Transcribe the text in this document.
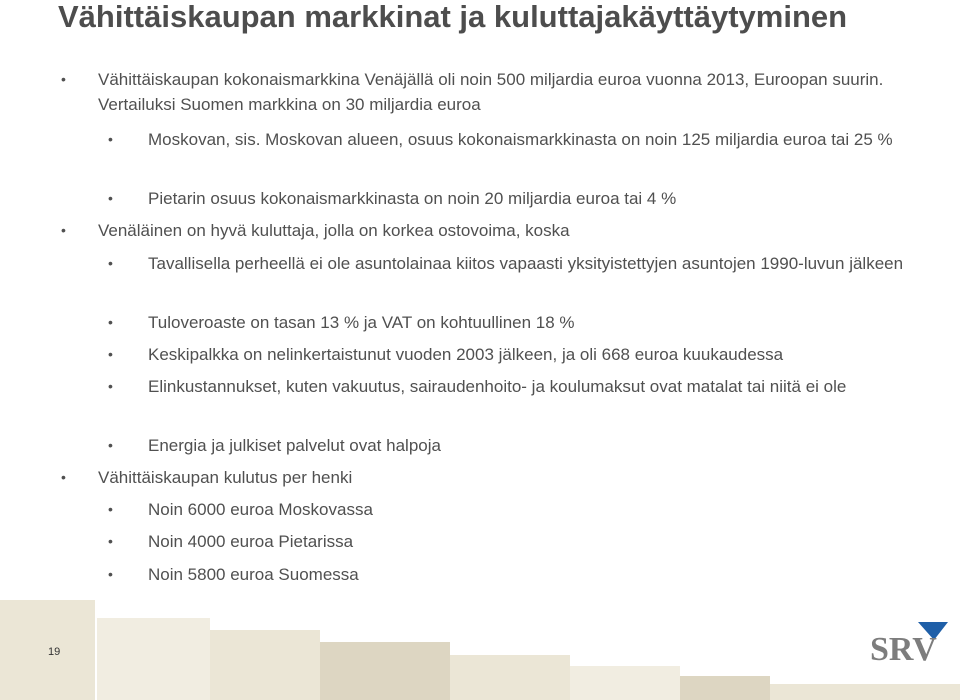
Vähittäiskaupan markkinat ja kuluttajakäyttäytyminen
• Vähittäiskaupan kokonaismarkkina Venäjällä oli noin 500 miljardia euroa vuonna 2013, Euroopan suurin. Vertailuksi Suomen markkina on 30 miljardia euroa
• Moskovan, sis. Moskovan alueen, osuus kokonaismarkkinasta on noin 125 miljardia euroa tai 25 %
• Pietarin osuus kokonaismarkkinasta on noin 20 miljardia euroa tai 4 %
• Venäläinen on hyvä kuluttaja, jolla on korkea ostovoima, koska
• Tavallisella perheellä ei ole asuntolainaa kiitos vapaasti yksityistettyjen asuntojen 1990-luvun jälkeen
• Tuloveroaste on tasan 13 % ja VAT on kohtuullinen 18 %
• Keskipalkka on nelinkertaistunut vuoden 2003 jälkeen, ja oli 668 euroa kuukaudessa
• Elinkustannukset, kuten vakuutus, sairaudenhoito- ja koulumaksut ovat matalat tai niitä ei ole
• Energia ja julkiset palvelut ovat halpoja
• Vähittäiskaupan kulutus per henki
• Noin 6000 euroa Moskovassa
• Noin 4000 euroa Pietarissa
• Noin 5800 euroa Suomessa
19	SRV
